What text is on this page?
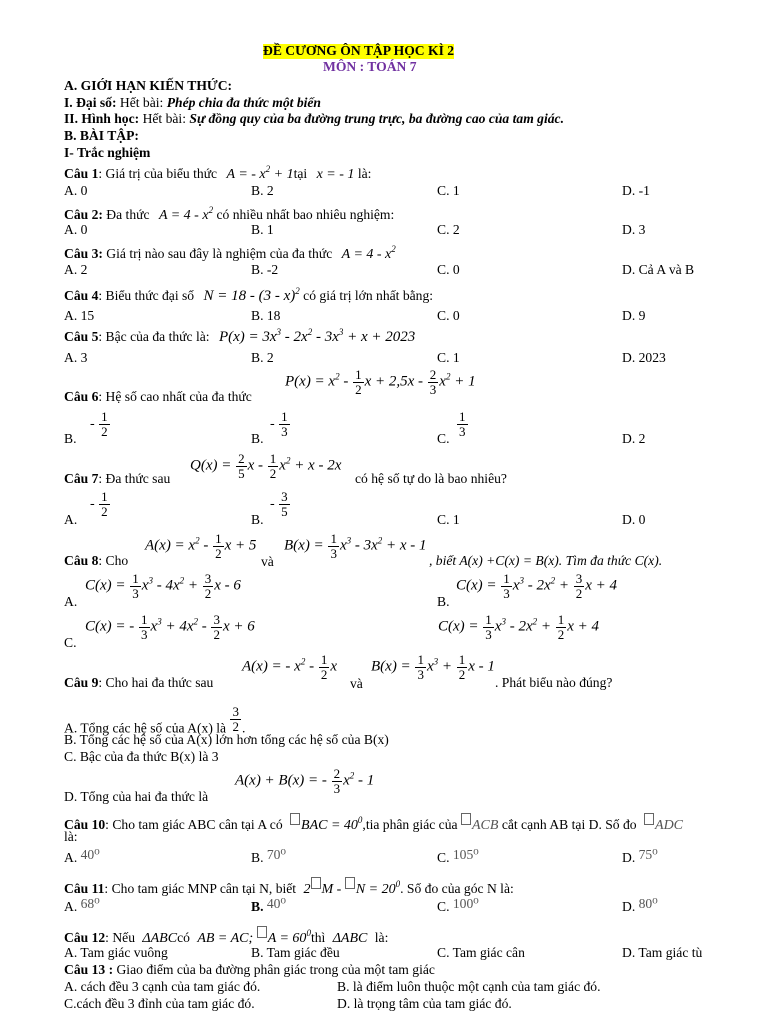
ĐỀ CƯƠNG ÔN TẬP HỌC KÌ 2
MÔN : TOÁN 7
A. GIỚI HẠN KIẾN THỨC:
I. Đại số: Hết bài: Phép chia đa thức một biến
II. Hình học: Hết bài: Sự đồng quy của ba đường trung trực, ba đường cao của tam giác.
B. BÀI TẬP:
I- Trắc nghiệm
Câu 1: Giá trị của biểu thức A = - $x^2$ + 1tại x = - 1 là:
A. 0	B. 2	C. 1	D. -1
Câu 2: Đa thức $A = 4 - x^2$ có nhiều nhất bao nhiêu nghiệm:
A. 0	B. 1	C. 2	D. 3
Câu 3: Giá trị nào sau đây là nghiệm của đa thức $A = 4 - x^2$
A. 2	B. -2	C. 0	D. Cả A và B
Câu 4: Biểu thức đại số N = 18 - (3 - x)$^2$ có giá trị lớn nhất bằng:
A. 15	B. 18	C. 0	D. 9
Câu 5: Bậc của đa thức là: $P(x) = 3x^3 - 2x^2 - 3x^3 + x + 2023$
A. 3	B. 2	C. 1	D. 2023
$P(x) = x^2 - \frac{1}{2}$ $x + 2,5x - \frac{2}{3} x^2 + 1$
Câu 6: Hệ số cao nhất của đa thức
B.
- $\frac{1}{2}$
B.
- $\frac{1}{3}$
C.
$\frac{1}{3}$
D. 2
$Q(x) = \frac{2}{5}$ $x - \frac{1}{2} x^2 + x - 2x$
Câu 7: Đa thức sau	có hệ số tự do là bao nhiêu?
A.
- $\frac{1}{2}$
B.
- $\frac{3}{5}$
C. 1	D. 0
$A(x) = x^2 - \frac{1}{2}$ x + 5 $B(x) = \frac{1}{3} x^3 - 3x^2 + x - 1$
Câu 8: Cho	và	, biết A(x) +C(x) = B(x). Tìm đa thức C(x).
$C(x) = \frac{1}{3} x^3 - 4x^2 + \frac{3}{2}$ x - 6
A.
$C(x) = \frac{1}{3} x^3 - 2x^2 + \frac{3}{2}$ x + 4
B.
C(x) = - $\frac{1}{3} x^3 + 4x^2 - \frac{3}{2}$ x + 6
C.
$C(x) = \frac{1}{3} x^3 - 2x^2 + \frac{1}{2}$ x + 4
A(x) = - $x^2 - \frac{1}{2}$ x $B(x) = \frac{1}{3} x^3 + \frac{1}{2}$ x - 1
Câu 9: Cho hai đa thức sau	và	. Phát biểu nào đúng?
A. Tổng các hệ số của A(x) là $\frac{3}{2}$ .
B. Tổng các hệ số của A(x) lớn hơn tổng các hệ số của B(x)
C. Bậc của đa thức B(x) là 3
A(x) + B(x) = - $\frac{2}{3} x^2 - 1$
D. Tổng của hai đa thức là
Câu 10: Cho tam giác ABC cân tại A có BAC = $40^0,tia$ phân giác của ACB cắt cạnh AB tại D. Số đo ADC
là:
A. 40⁰	B. 70⁰	C. 105⁰	D. 75⁰
Câu 11: Cho tam giác MNP cân tại N, biết 2 $M - N = 20^0$. Số đo của góc N là:
A. 68⁰	B. 40⁰	C. 100⁰	D. 80⁰
Câu 12: Nếu ΔABCcó AB = AC; $A = 60^0thì$ ΔABC là:
A. Tam giác vuông	B. Tam giác đều	C. Tam giác cân	D. Tam giác tù
Câu 13 : Giao điểm của ba đường phân giác trong của một tam giác
A. cách đều 3 cạnh của tam giác đó.	B. là điểm luôn thuộc một cạnh của tam giác đó.
C.cách đều 3 đỉnh của tam giác đó.	D. là trọng tâm của tam giác đó.
